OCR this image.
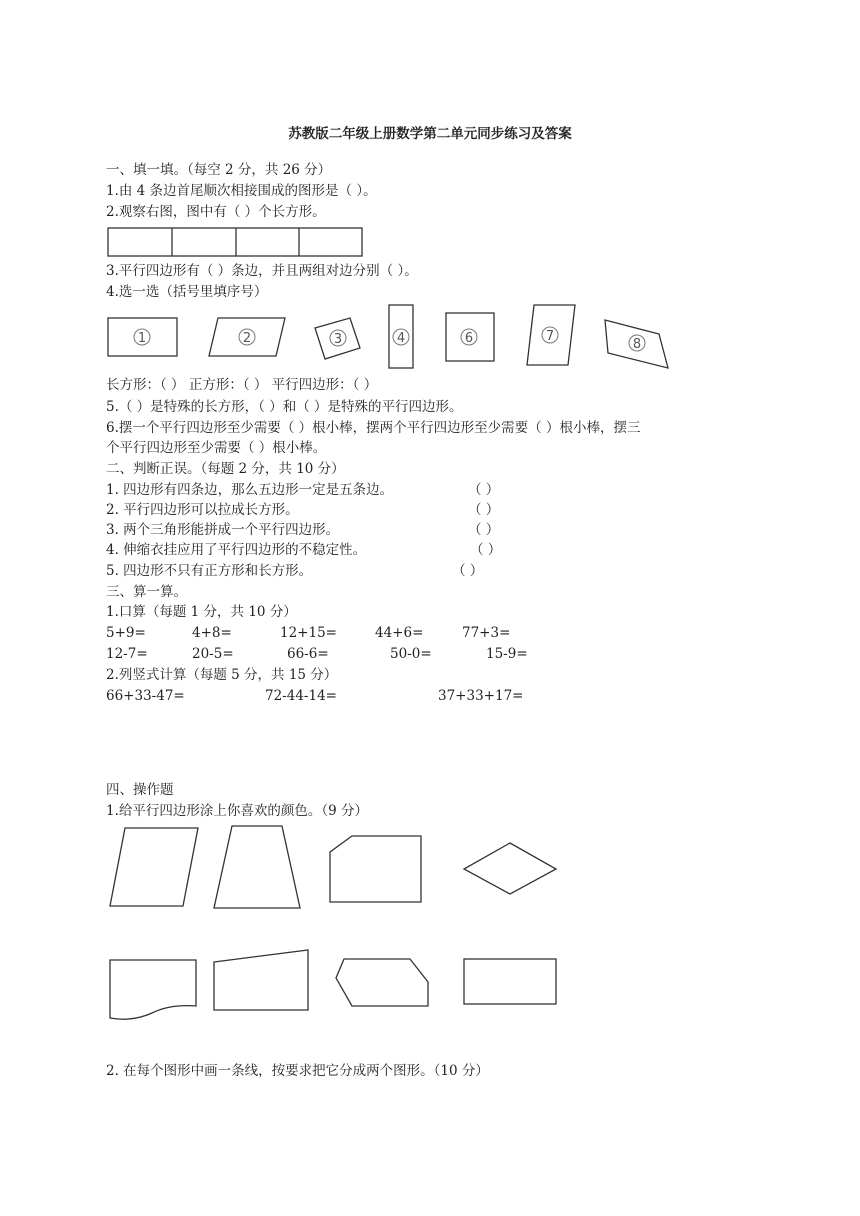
苏教版二年级上册数学第二单元同步练习及答案
一、填一填。（每空 2 分，共 26 分）
1.由 4 条边首尾顺次相接围成的图形是（ ）。
2.观察右图，图中有（ ）个长方形。
1	2	3	4	6	7
8
3.平行四边形有（ ）条边，并且两组对边分别（ ）。
4.选一选（括号里填序号）
长方形：（ ） 正方形：（ ） 平行四边形：（ ）
5.（ ）是特殊的长方形，（ ）和（ ）是特殊的平行四边形。
6.摆一个平行四边形至少需要（ ）根小棒，摆两个平行四边形至少需要（ ）根小棒，摆三
个平行四边形至少需要（ ）根小棒。
二、判断正误。（每题 2 分，共 10 分）
1. 四边形有四条边，那么五边形一定是五条边。	（ ）
2. 平行四边形可以拉成长方形。	（ ）
3. 两个三角形能拼成一个平行四边形。	（ ）
4. 伸缩衣挂应用了平行四边形的不稳定性。	（ ）
5. 四边形不只有正方形和长方形。	（ ）
三、算一算。
1.口算（每题 1 分，共 10 分）
5+9=	4+8=	12+15=	44+6=	77+3=
12-7=	20-5=	66-6=	50-0=	15-9=
2.列竖式计算（每题 5 分，共 15 分）
66+33-47=	72-44-14=	37+33+17=
四、操作题
1.给平行四边形涂上你喜欢的颜色。（9 分）
2. 在每个图形中画一条线，按要求把它分成两个图形。（10 分）
